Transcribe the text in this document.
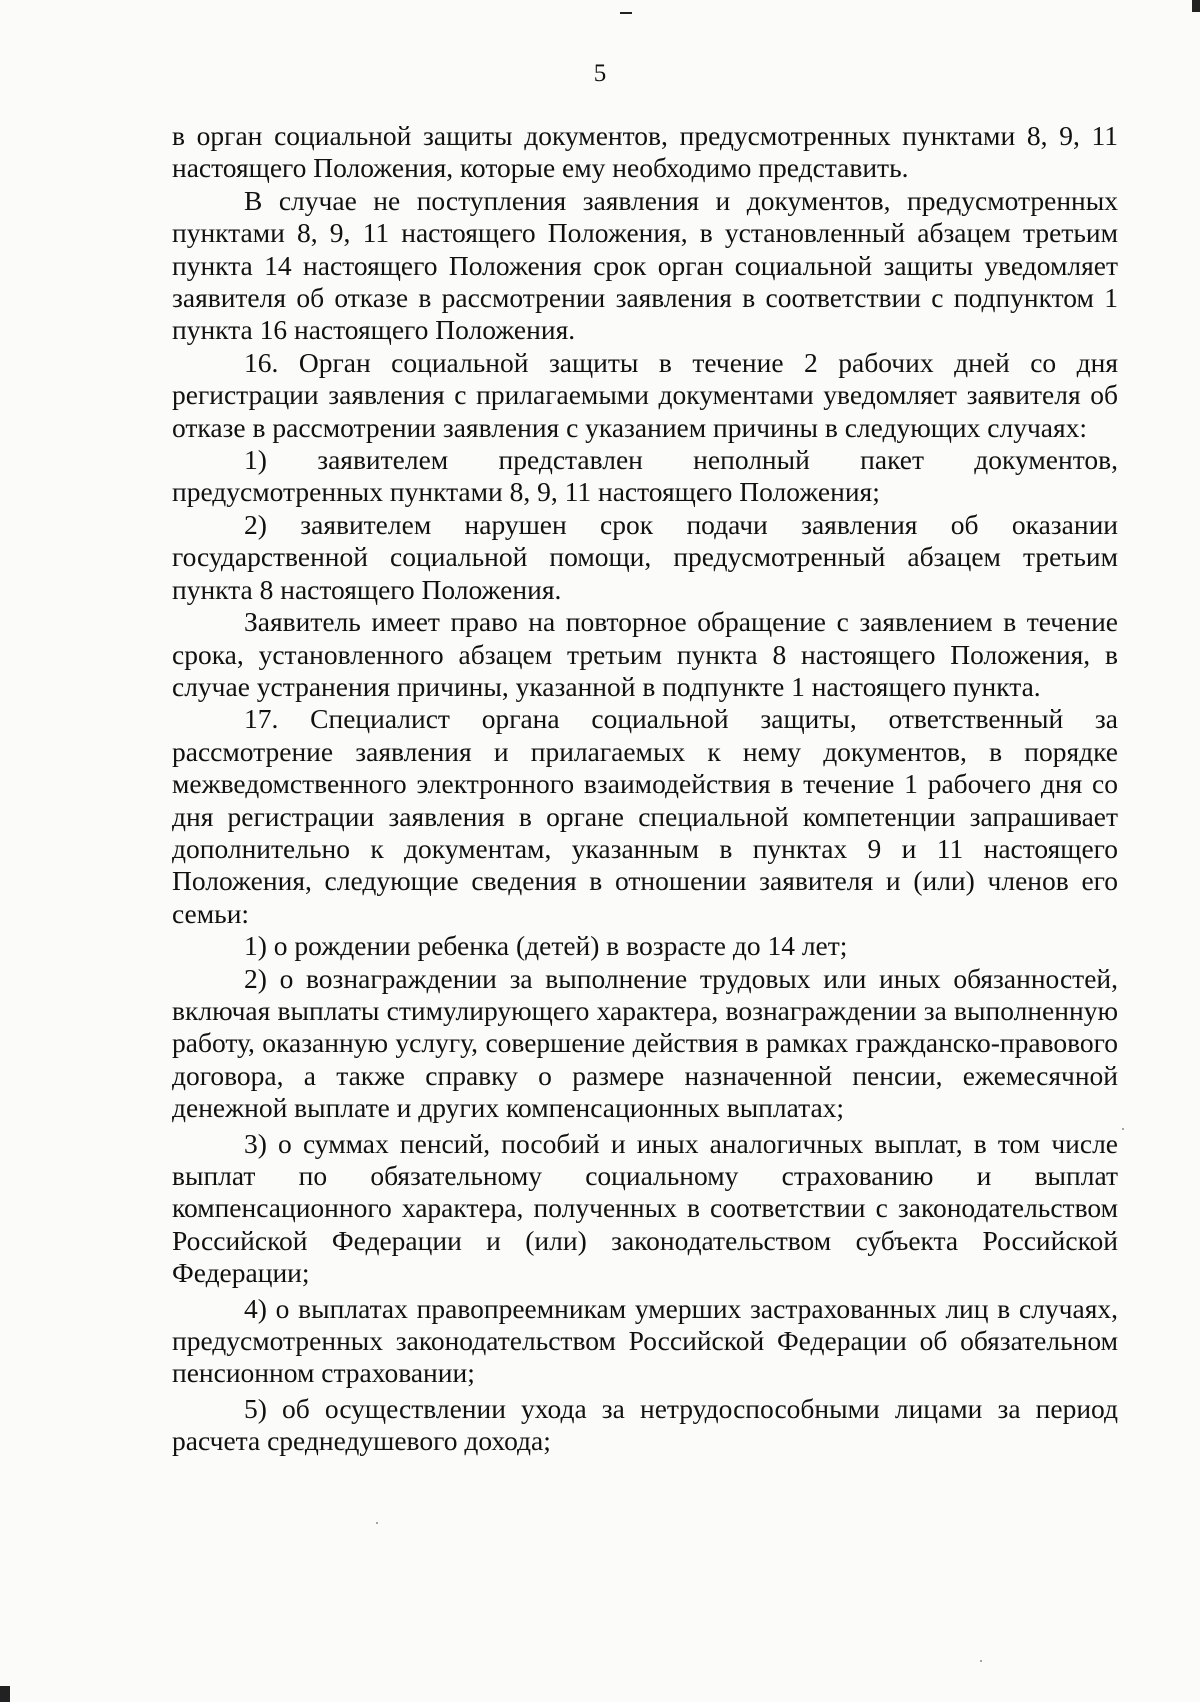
5

в орган социальной защиты документов, предусмотренных пунктами 8, 9, 11 настоящего Положения, которые ему необходимо представить.

В случае не поступления заявления и документов, предусмотренных пунктами 8, 9, 11 настоящего Положения, в установленный абзацем третьим пункта 14 настоящего Положения срок орган социальной защиты уведомляет заявителя об отказе в рассмотрении заявления в соответствии с подпунктом 1 пункта 16 настоящего Положения.

16. Орган социальной защиты в течение 2 рабочих дней со дня регистрации заявления с прилагаемыми документами уведомляет заявителя об отказе в рассмотрении заявления с указанием причины в следующих случаях:

1) заявителем представлен неполный пакет документов, предусмотренных пунктами 8, 9, 11 настоящего Положения;

2) заявителем нарушен срок подачи заявления об оказании государственной социальной помощи, предусмотренный абзацем третьим пункта 8 настоящего Положения.

Заявитель имеет право на повторное обращение с заявлением в течение срока, установленного абзацем третьим пункта 8 настоящего Положения, в случае устранения причины, указанной в подпункте 1 настоящего пункта.

17. Специалист органа социальной защиты, ответственный за рассмотрение заявления и прилагаемых к нему документов, в порядке межведомственного электронного взаимодействия в течение 1 рабочего дня со дня регистрации заявления в органе специальной компетенции запрашивает дополнительно к документам, указанным в пунктах 9 и 11 настоящего Положения, следующие сведения в отношении заявителя и (или) членов его семьи:

1) о рождении ребенка (детей) в возрасте до 14 лет;

2) о вознаграждении за выполнение трудовых или иных обязанностей, включая выплаты стимулирующего характера, вознаграждении за выполненную работу, оказанную услугу, совершение действия в рамках гражданско-правового договора, а также справку о размере назначенной пенсии, ежемесячной денежной выплате и других компенсационных выплатах;

3) о суммах пенсий, пособий и иных аналогичных выплат, в том числе выплат по обязательному социальному страхованию и выплат компенсационного характера, полученных в соответствии с законодательством Российской Федерации и (или) законодательством субъекта Российской Федерации;

4) о выплатах правопреемникам умерших застрахованных лиц в случаях, предусмотренных законодательством Российской Федерации об обязательном пенсионном страховании;

5) об осуществлении ухода за нетрудоспособными лицами за период расчета среднедушевого дохода;
